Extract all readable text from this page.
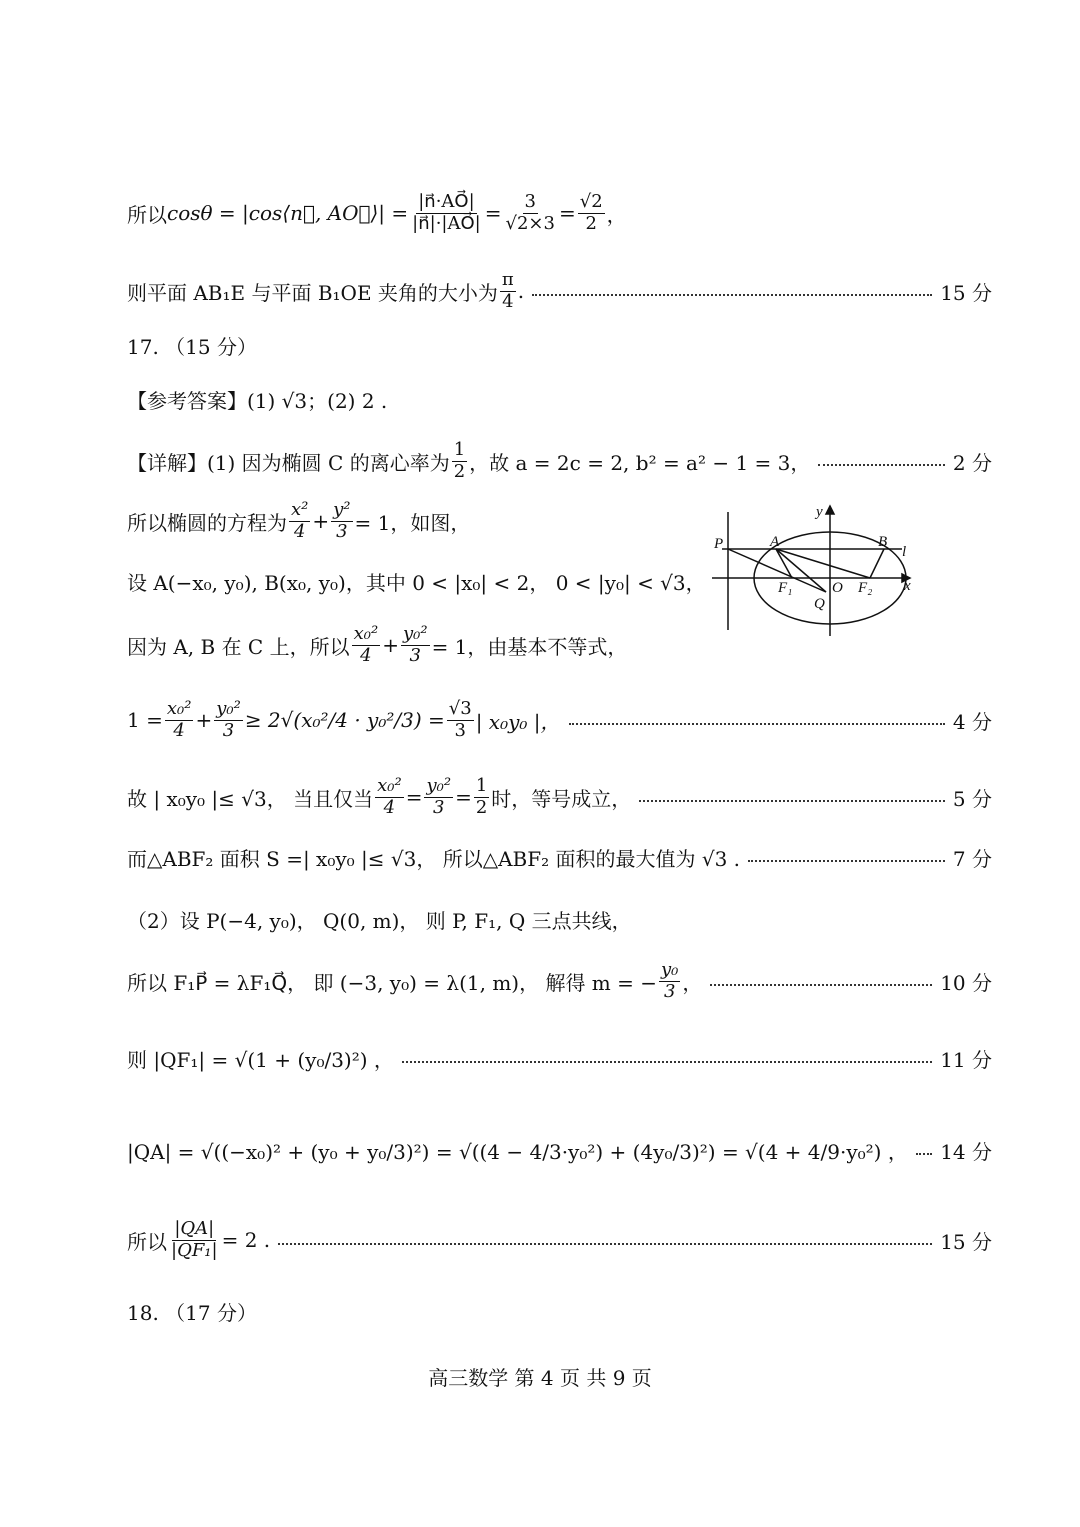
所以 cosθ = |cos⟨n⃗, AO⃗⟩| = $\frac{|n⃗\cdot AO⃗|}{|n⃗|\cdot|AO⃗|} = \frac{3}{√2\times 3} = \frac{√2}{2}$ ，
则平面 AB₁E 与平面 B₁OE 夹角的大小为 $\frac{\pi}{4}$ .	15 分
17. （15 分）
【参考答案】(1) √3；(2) 2 .
【详解】(1) 因为椭圆 C 的离心率为 $\frac{1}{2}$ ，故 a = 2c = 2, b² = a² − 1 = 3，	2 分
所以椭圆的方程为 $\frac{\text{x²}}{4} + \frac{\text{y²}}{3} = 1$，如图，
设 A(−x₀, y₀), B(x₀, y₀)，其中 0 < |x₀| < 2， 0 < |y₀| < √3，
因为 A, B 在 C 上，所以 $\frac{\text{x₀²}}{4} + \frac{\text{y₀²}}{3} = 1$，由基本不等式，
$1 = \frac{\text{x₀²}}{4} + \frac{\text{y₀²}}{3} \ge 2√(x_0^2/4 \cdot y_0^2/3) = \frac{√3}{3}$ | x₀y₀ |，	4 分
故 | x₀y₀ |≤ √3， 当且仅当 $\frac{\text{x₀²}}{4} = \frac{\text{y₀²}}{3} = \frac{1}{2}$ 时，等号成立，	5 分
而△ABF₂ 面积 S =| x₀y₀ |≤ √3， 所以△ABF₂ 面积的最大值为 √3 .	7 分
（2）设 P(−4, y₀)， Q(0, m)， 则 P, F₁, Q 三点共线，
所以 F₁P⃗ = λF₁Q⃗， 即 (−3, y₀) = λ(1, m)， 解得 m = − $\frac{\text{y₀}}{3}$ ，	10 分
则 |QF₁| = √(1 + (y₀/3)²) ，	11 分
|QA| = √((−x₀)² + (y₀ + y₀/3)²) = √((4 − 4/3·y₀²) + (4y₀/3)²) = √(4 + 4/9·y₀²) ， 14 分
所以 $\frac{|QA|}{\text{|QF₁|}} = 2$ .	15 分
18. （17 分）
y
x
P	A	B
l
F₁	O F₂
Q
高三数学 第 4 页 共 9 页
